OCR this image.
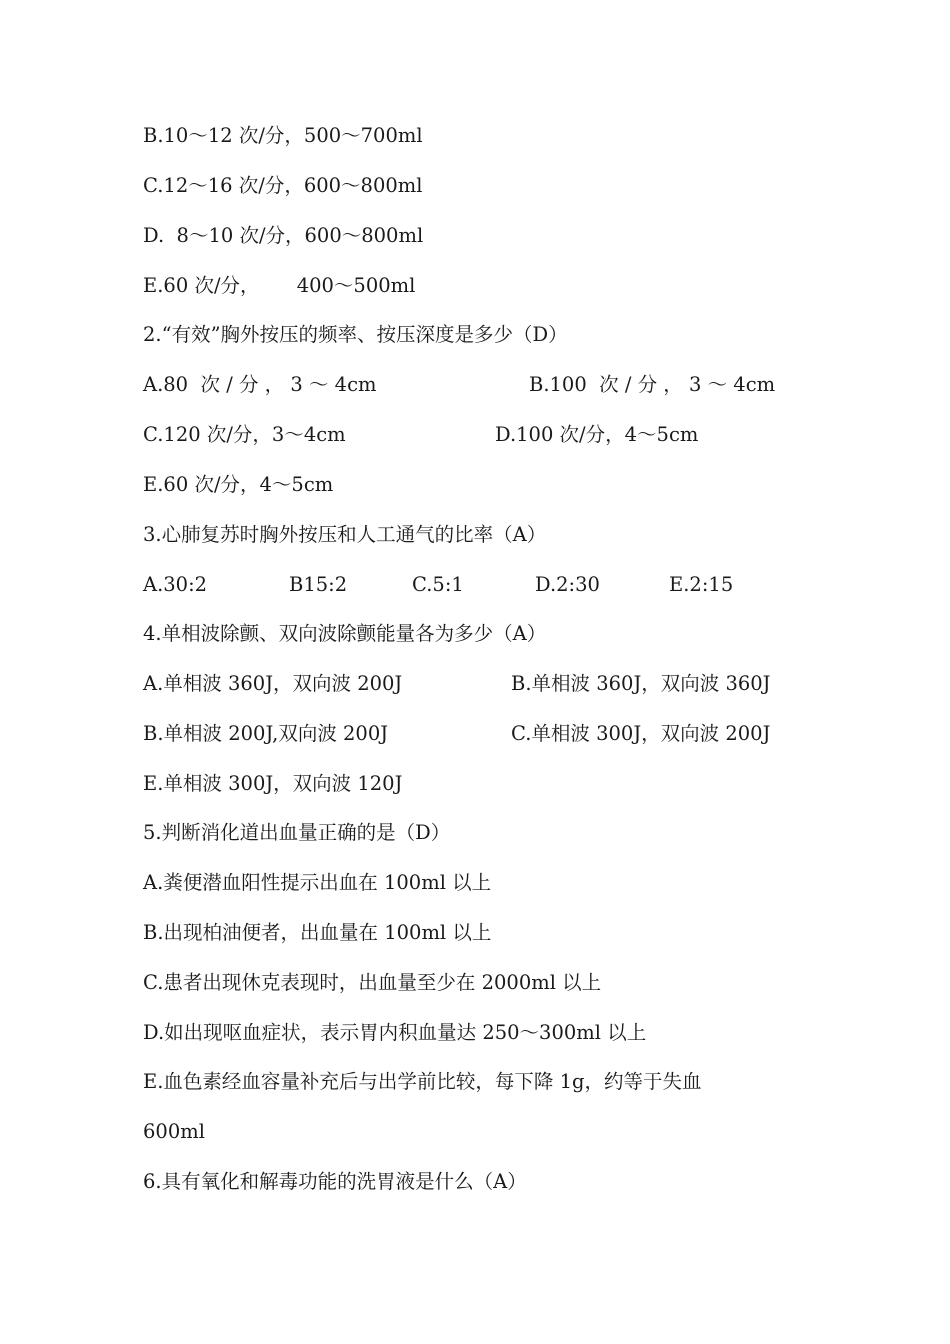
B.10～12 次/分，500～700ml
C.12～16 次/分，600～800ml
D.  8～10 次/分，600～800ml
E.60 次/分，      400～500ml
2.“有效”胸外按压的频率、按压深度是多少（D）
A.80  次 / 分 ， 3 ～ 4cm	B.100  次 / 分 ， 3 ～ 4cm
C.120 次/分，3～4cm	D.100 次/分，4～5cm
E.60 次/分，4～5cm
3.心肺复苏时胸外按压和人工通气的比率（A）
A.30:2	B15:2	C.5:1	D.2:30	E.2:15
4.单相波除颤、双向波除颤能量各为多少（A）
A.单相波 360J，双向波 200J	B.单相波 360J，双向波 360J
B.单相波 200J,双向波 200J	C.单相波 300J，双向波 200J
E.单相波 300J，双向波 120J
5.判断消化道出血量正确的是（D）
A.粪便潜血阳性提示出血在 100ml 以上
B.出现柏油便者，出血量在 100ml 以上
C.患者出现休克表现时，出血量至少在 2000ml 以上
D.如出现呕血症状，表示胃内积血量达 250～300ml 以上
E.血色素经血容量补充后与出学前比较，每下降 1g，约等于失血
600ml
6.具有氧化和解毒功能的洗胃液是什么（A）
